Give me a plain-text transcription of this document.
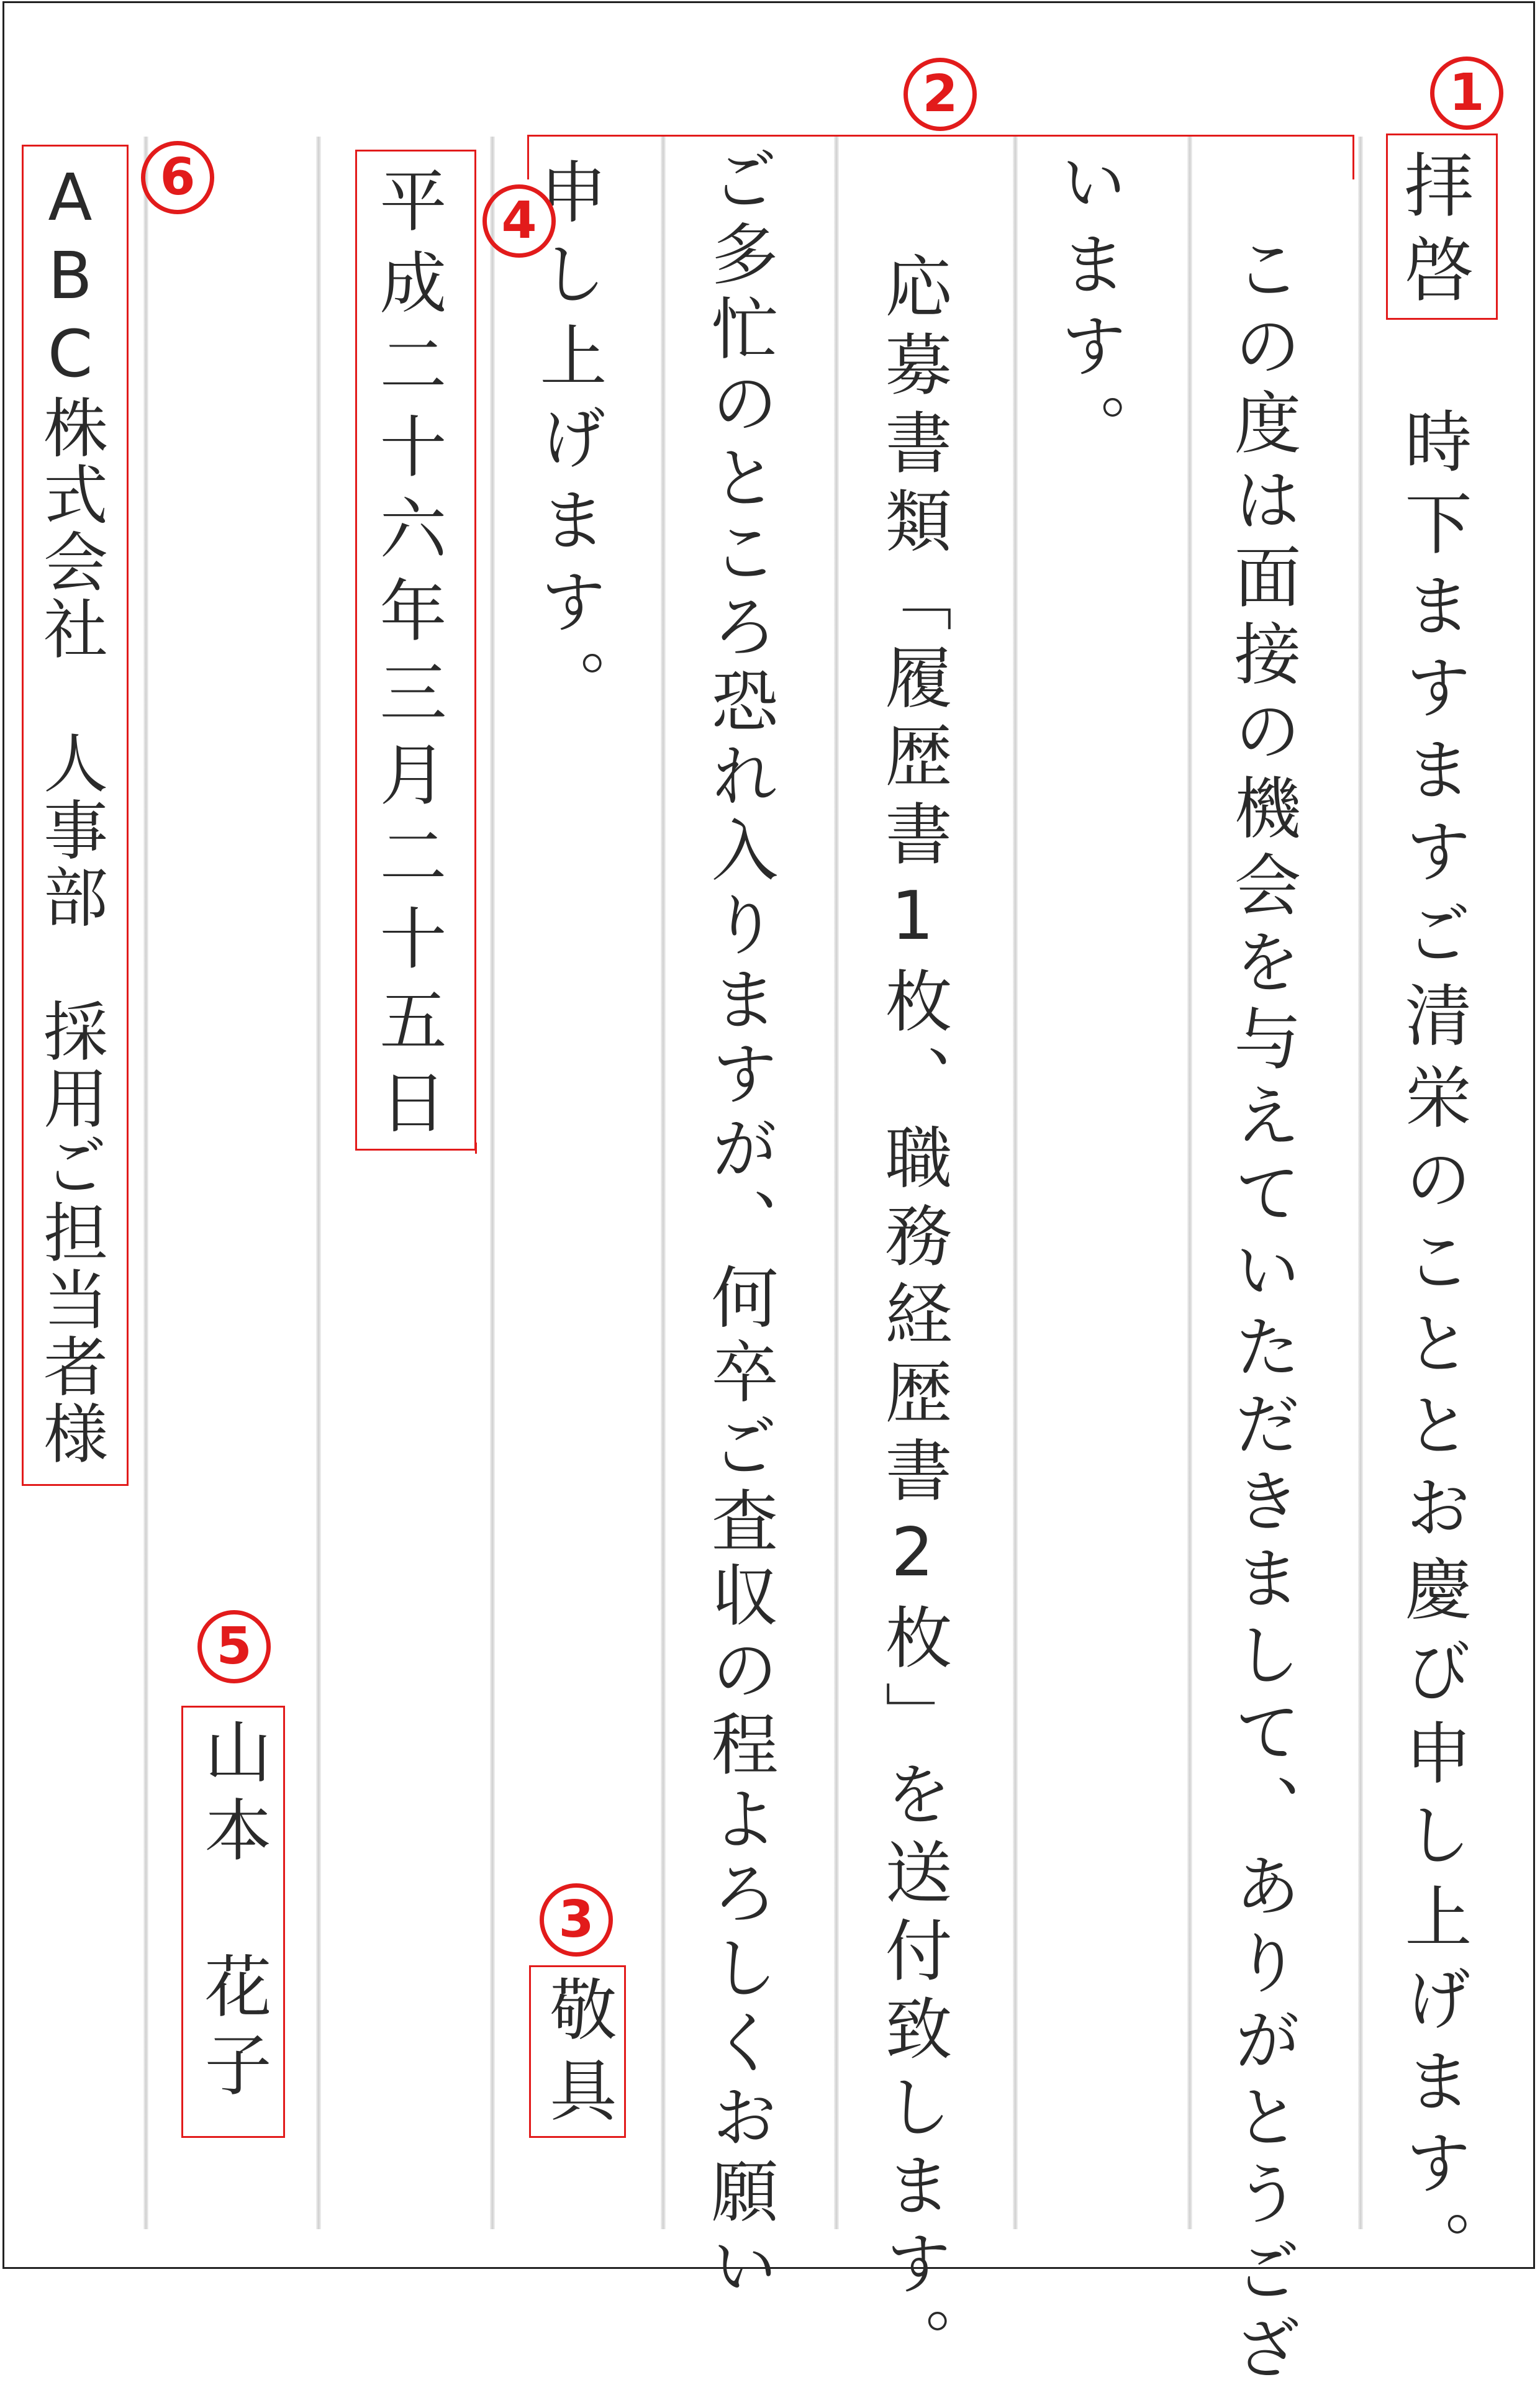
拝啓
1
時下ますますご清栄のこととお慶び申し上げます。
この度は面接の機会を与えていただきまして、ありがとうござ
います。
応募書類「履歴書1枚、職務経歴書2枚」を送付致します。
ご多忙のところ恐れ入りますが、何卒ご査収の程よろしくお願い
申し上げます。
2
4
敬具
3
平成二十六年三月二十五日
山本　花子
5
ABC株式会社　人事部　採用ご担当者様	6
